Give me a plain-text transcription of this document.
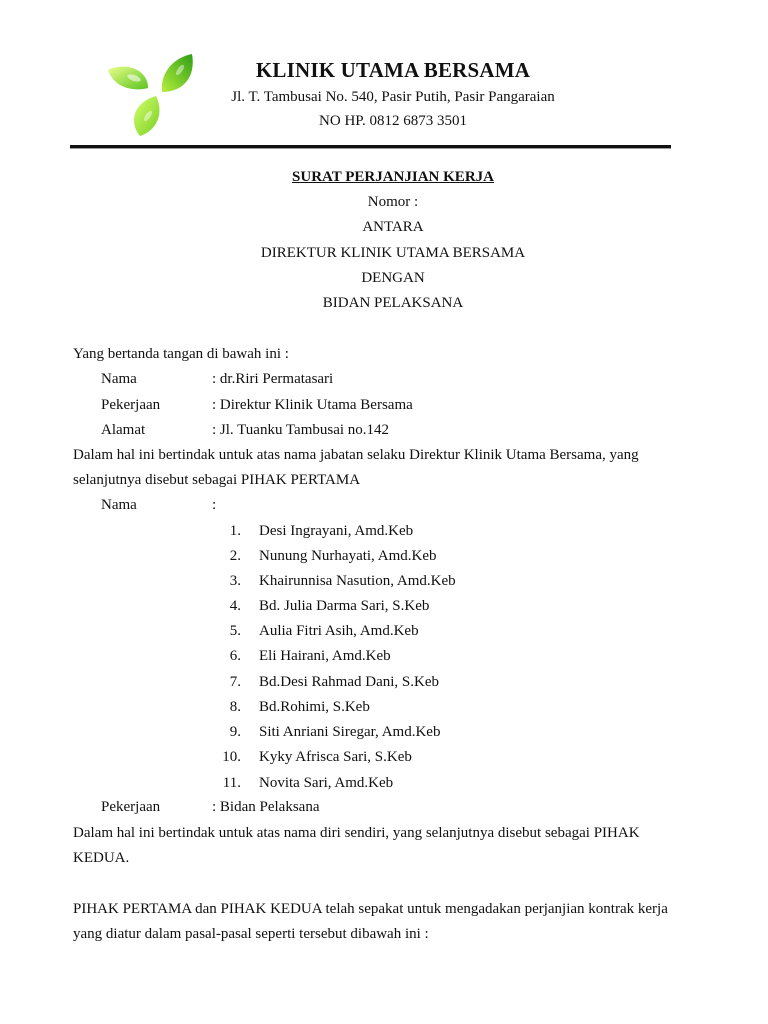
KLINIK UTAMA BERSAMA
Jl. T. Tambusai No. 540, Pasir Putih, Pasir Pangaraian
NO HP. 0812 6873 3501
SURAT PERJANJIAN KERJA
Nomor :
ANTARA
DIREKTUR KLINIK UTAMA BERSAMA
DENGAN
BIDAN PELAKSANA
Yang bertanda tangan di bawah ini :
Nama	: dr.Riri Permatasari
Pekerjaan	: Direktur Klinik Utama Bersama
Alamat	: Jl. Tuanku Tambusai no.142
Dalam hal ini bertindak untuk atas nama jabatan selaku Direktur Klinik Utama Bersama, yang
selanjutnya disebut sebagai PIHAK PERTAMA
Nama	:
1. Desi Ingrayani, Amd.Keb
2. Nunung Nurhayati, Amd.Keb
3. Khairunnisa Nasution, Amd.Keb
4. Bd. Julia Darma Sari, S.Keb
5. Aulia Fitri Asih, Amd.Keb
6. Eli Hairani, Amd.Keb
7. Bd.Desi Rahmad Dani, S.Keb
8. Bd.Rohimi, S.Keb
9. Siti Anriani Siregar, Amd.Keb
10. Kyky Afrisca Sari, S.Keb
11. Novita Sari, Amd.Keb
Pekerjaan	: Bidan Pelaksana
Dalam hal ini bertindak untuk atas nama diri sendiri, yang selanjutnya disebut sebagai PIHAK
KEDUA.
PIHAK PERTAMA dan PIHAK KEDUA telah sepakat untuk mengadakan perjanjian kontrak kerja
yang diatur dalam pasal-pasal seperti tersebut dibawah ini :
